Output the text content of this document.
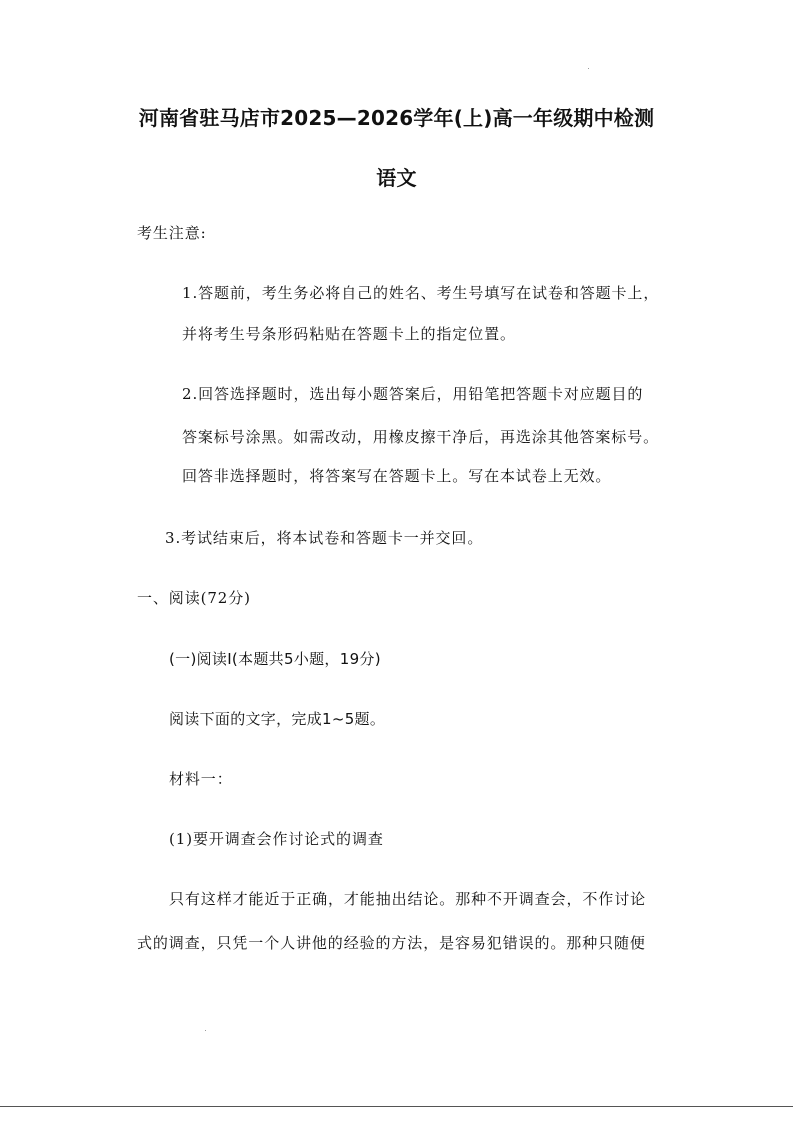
河南省驻马店市2025—2026学年(上)高一年级期中检测
语文
考生注意:
1.答题前，考生务必将自己的姓名、考生号填写在试卷和答题卡上，
并将考生号条形码粘贴在答题卡上的指定位置。
2.回答选择题时，选出每小题答案后，用铅笔把答题卡对应题目的
答案标号涂黑。如需改动，用橡皮擦干净后，再选涂其他答案标号。
回答非选择题时，将答案写在答题卡上。写在本试卷上无效。
3.考试结束后，将本试卷和答题卡一并交回。
一、阅读(72分)
(一)阅读Ⅰ(本题共5小题，19分)
阅读下面的文字，完成1~5题。
材料一：
(1)要开调查会作讨论式的调查
只有这样才能近于正确，才能抽出结论。那种不开调查会，不作讨论
式的调查，只凭一个人讲他的经验的方法，是容易犯错误的。那种只随便
